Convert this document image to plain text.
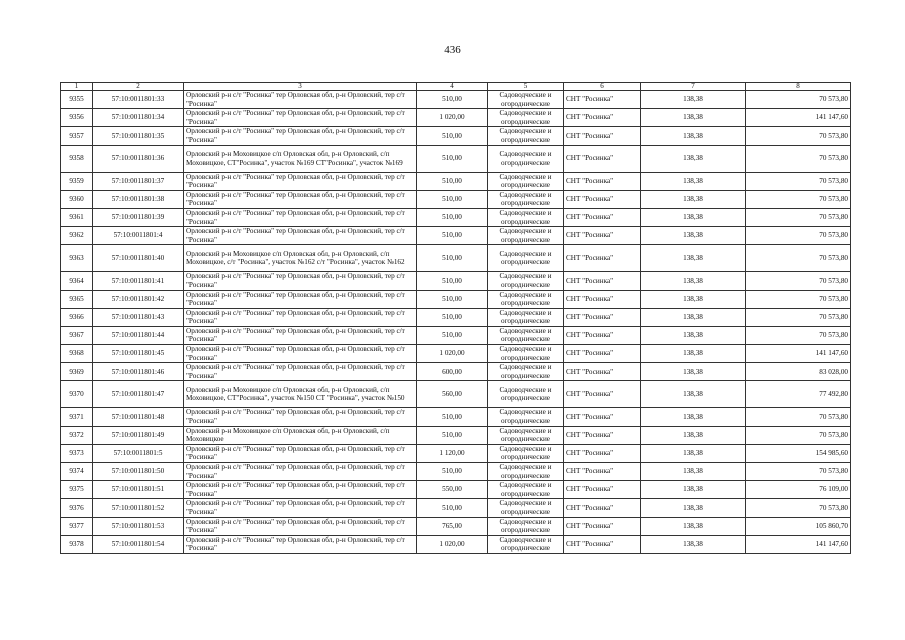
436
1	2	3	4	5	6	7	8
9355	57:10:0011801:33	Орловский р-н с/т "Росинка" тер Орловская обл, р-н Орловский, тер с/т "Росинка"	510,00	Садоводческие и огороднические	СНТ "Росинка"	138,38	70 573,80
9356	57:10:0011801:34	Орловский р-н с/т "Росинка" тер Орловская обл, р-н Орловский, тер с/т "Росинка"	1 020,00	Садоводческие и огороднические	СНТ "Росинка"	138,38	141 147,60
9357	57:10:0011801:35	Орловский р-н с/т "Росинка" тер Орловская обл, р-н Орловский, тер с/т "Росинка"	510,00	Садоводческие и огороднические	СНТ "Росинка"	138,38	70 573,80
9358	57:10:0011801:36	Орловский р-н Моховицкое с/п Орловская обл, р-н Орловский, с/п Моховицкое, СТ"Росинка", участок №169 СТ"Росинка", участок №169	510,00	Садоводческие и огороднические	СНТ "Росинка"	138,38	70 573,80
9359	57:10:0011801:37	Орловский р-н с/т "Росинка" тер Орловская обл, р-н Орловский, тер с/т "Росинка"	510,00	Садоводческие и огороднические	СНТ "Росинка"	138,38	70 573,80
9360	57:10:0011801:38	Орловский р-н с/т "Росинка" тер Орловская обл, р-н Орловский, тер с/т "Росинка"	510,00	Садоводческие и огороднические	СНТ "Росинка"	138,38	70 573,80
9361	57:10:0011801:39	Орловский р-н с/т "Росинка" тер Орловская обл, р-н Орловский, тер с/т "Росинка"	510,00	Садоводческие и огороднические	СНТ "Росинка"	138,38	70 573,80
9362	57:10:0011801:4	Орловский р-н с/т "Росинка" тер Орловская обл, р-н Орловский, тер с/т "Росинка"	510,00	Садоводческие и огороднические	СНТ "Росинка"	138,38	70 573,80
9363	57:10:0011801:40	Орловский р-н Моховицкое с/п Орловская обл, р-н Орловский, с/п Моховицкое, с/т "Росинка", участок №162 с/т "Росинка", участок №162	510,00	Садоводческие и огороднические	СНТ "Росинка"	138,38	70 573,80
9364	57:10:0011801:41	Орловский р-н с/т "Росинка" тер Орловская обл, р-н Орловский, тер с/т "Росинка"	510,00	Садоводческие и огороднические	СНТ "Росинка"	138,38	70 573,80
9365	57:10:0011801:42	Орловский р-н с/т "Росинка" тер Орловская обл, р-н Орловский, тер с/т "Росинка"	510,00	Садоводческие и огороднические	СНТ "Росинка"	138,38	70 573,80
9366	57:10:0011801:43	Орловский р-н с/т "Росинка" тер Орловская обл, р-н Орловский, тер с/т "Росинка"	510,00	Садоводческие и огороднические	СНТ "Росинка"	138,38	70 573,80
9367	57:10:0011801:44	Орловский р-н с/т "Росинка" тер Орловская обл, р-н Орловский, тер с/т "Росинка"	510,00	Садоводческие и огороднические	СНТ "Росинка"	138,38	70 573,80
9368	57:10:0011801:45	Орловский р-н с/т "Росинка" тер Орловская обл, р-н Орловский, тер с/т "Росинка"	1 020,00	Садоводческие и огороднические	СНТ "Росинка"	138,38	141 147,60
9369	57:10:0011801:46	Орловский р-н с/т "Росинка" тер Орловская обл, р-н Орловский, тер с/т "Росинка"	600,00	Садоводческие и огороднические	СНТ "Росинка"	138,38	83 028,00
9370	57:10:0011801:47	Орловский р-н Моховицкое с/п Орловская обл, р-н Орловский, с/п Моховицкое, СТ"Росинка", участок №150 СТ "Росинка", участок №150	560,00	Садоводческие и огороднические	СНТ "Росинка"	138,38	77 492,80
9371	57:10:0011801:48	Орловский р-н с/т "Росинка" тер Орловская обл, р-н Орловский, тер с/т "Росинка"	510,00	Садоводческие и огороднические	СНТ "Росинка"	138,38	70 573,80
9372	57:10:0011801:49	Орловский р-н Моховицкое с/п Орловская обл, р-н Орловский, с/п Моховицкое	510,00	Садоводческие и огороднические	СНТ "Росинка"	138,38	70 573,80
9373	57:10:0011801:5	Орловский р-н с/т "Росинка" тер Орловская обл, р-н Орловский, тер с/т "Росинка"	1 120,00	Садоводческие и огороднические	СНТ "Росинка"	138,38	154 985,60
9374	57:10:0011801:50	Орловский р-н с/т "Росинка" тер Орловская обл, р-н Орловский, тер с/т "Росинка"	510,00	Садоводческие и огороднические	СНТ "Росинка"	138,38	70 573,80
9375	57:10:0011801:51	Орловский р-н с/т "Росинка" тер Орловская обл, р-н Орловский, тер с/т "Росинка"	550,00	Садоводческие и огороднические	СНТ "Росинка"	138,38	76 109,00
9376	57:10:0011801:52	Орловский р-н с/т "Росинка" тер Орловская обл, р-н Орловский, тер с/т "Росинка"	510,00	Садоводческие и огороднические	СНТ "Росинка"	138,38	70 573,80
9377	57:10:0011801:53	Орловский р-н с/т "Росинка" тер Орловская обл, р-н Орловский, тер с/т "Росинка"	765,00	Садоводческие и огороднические	СНТ "Росинка"	138,38	105 860,70
9378	57:10:0011801:54	Орловский р-н с/т "Росинка" тер Орловская обл, р-н Орловский, тер с/т "Росинка"	1 020,00	Садоводческие и огороднические	СНТ "Росинка"	138,38	141 147,60
